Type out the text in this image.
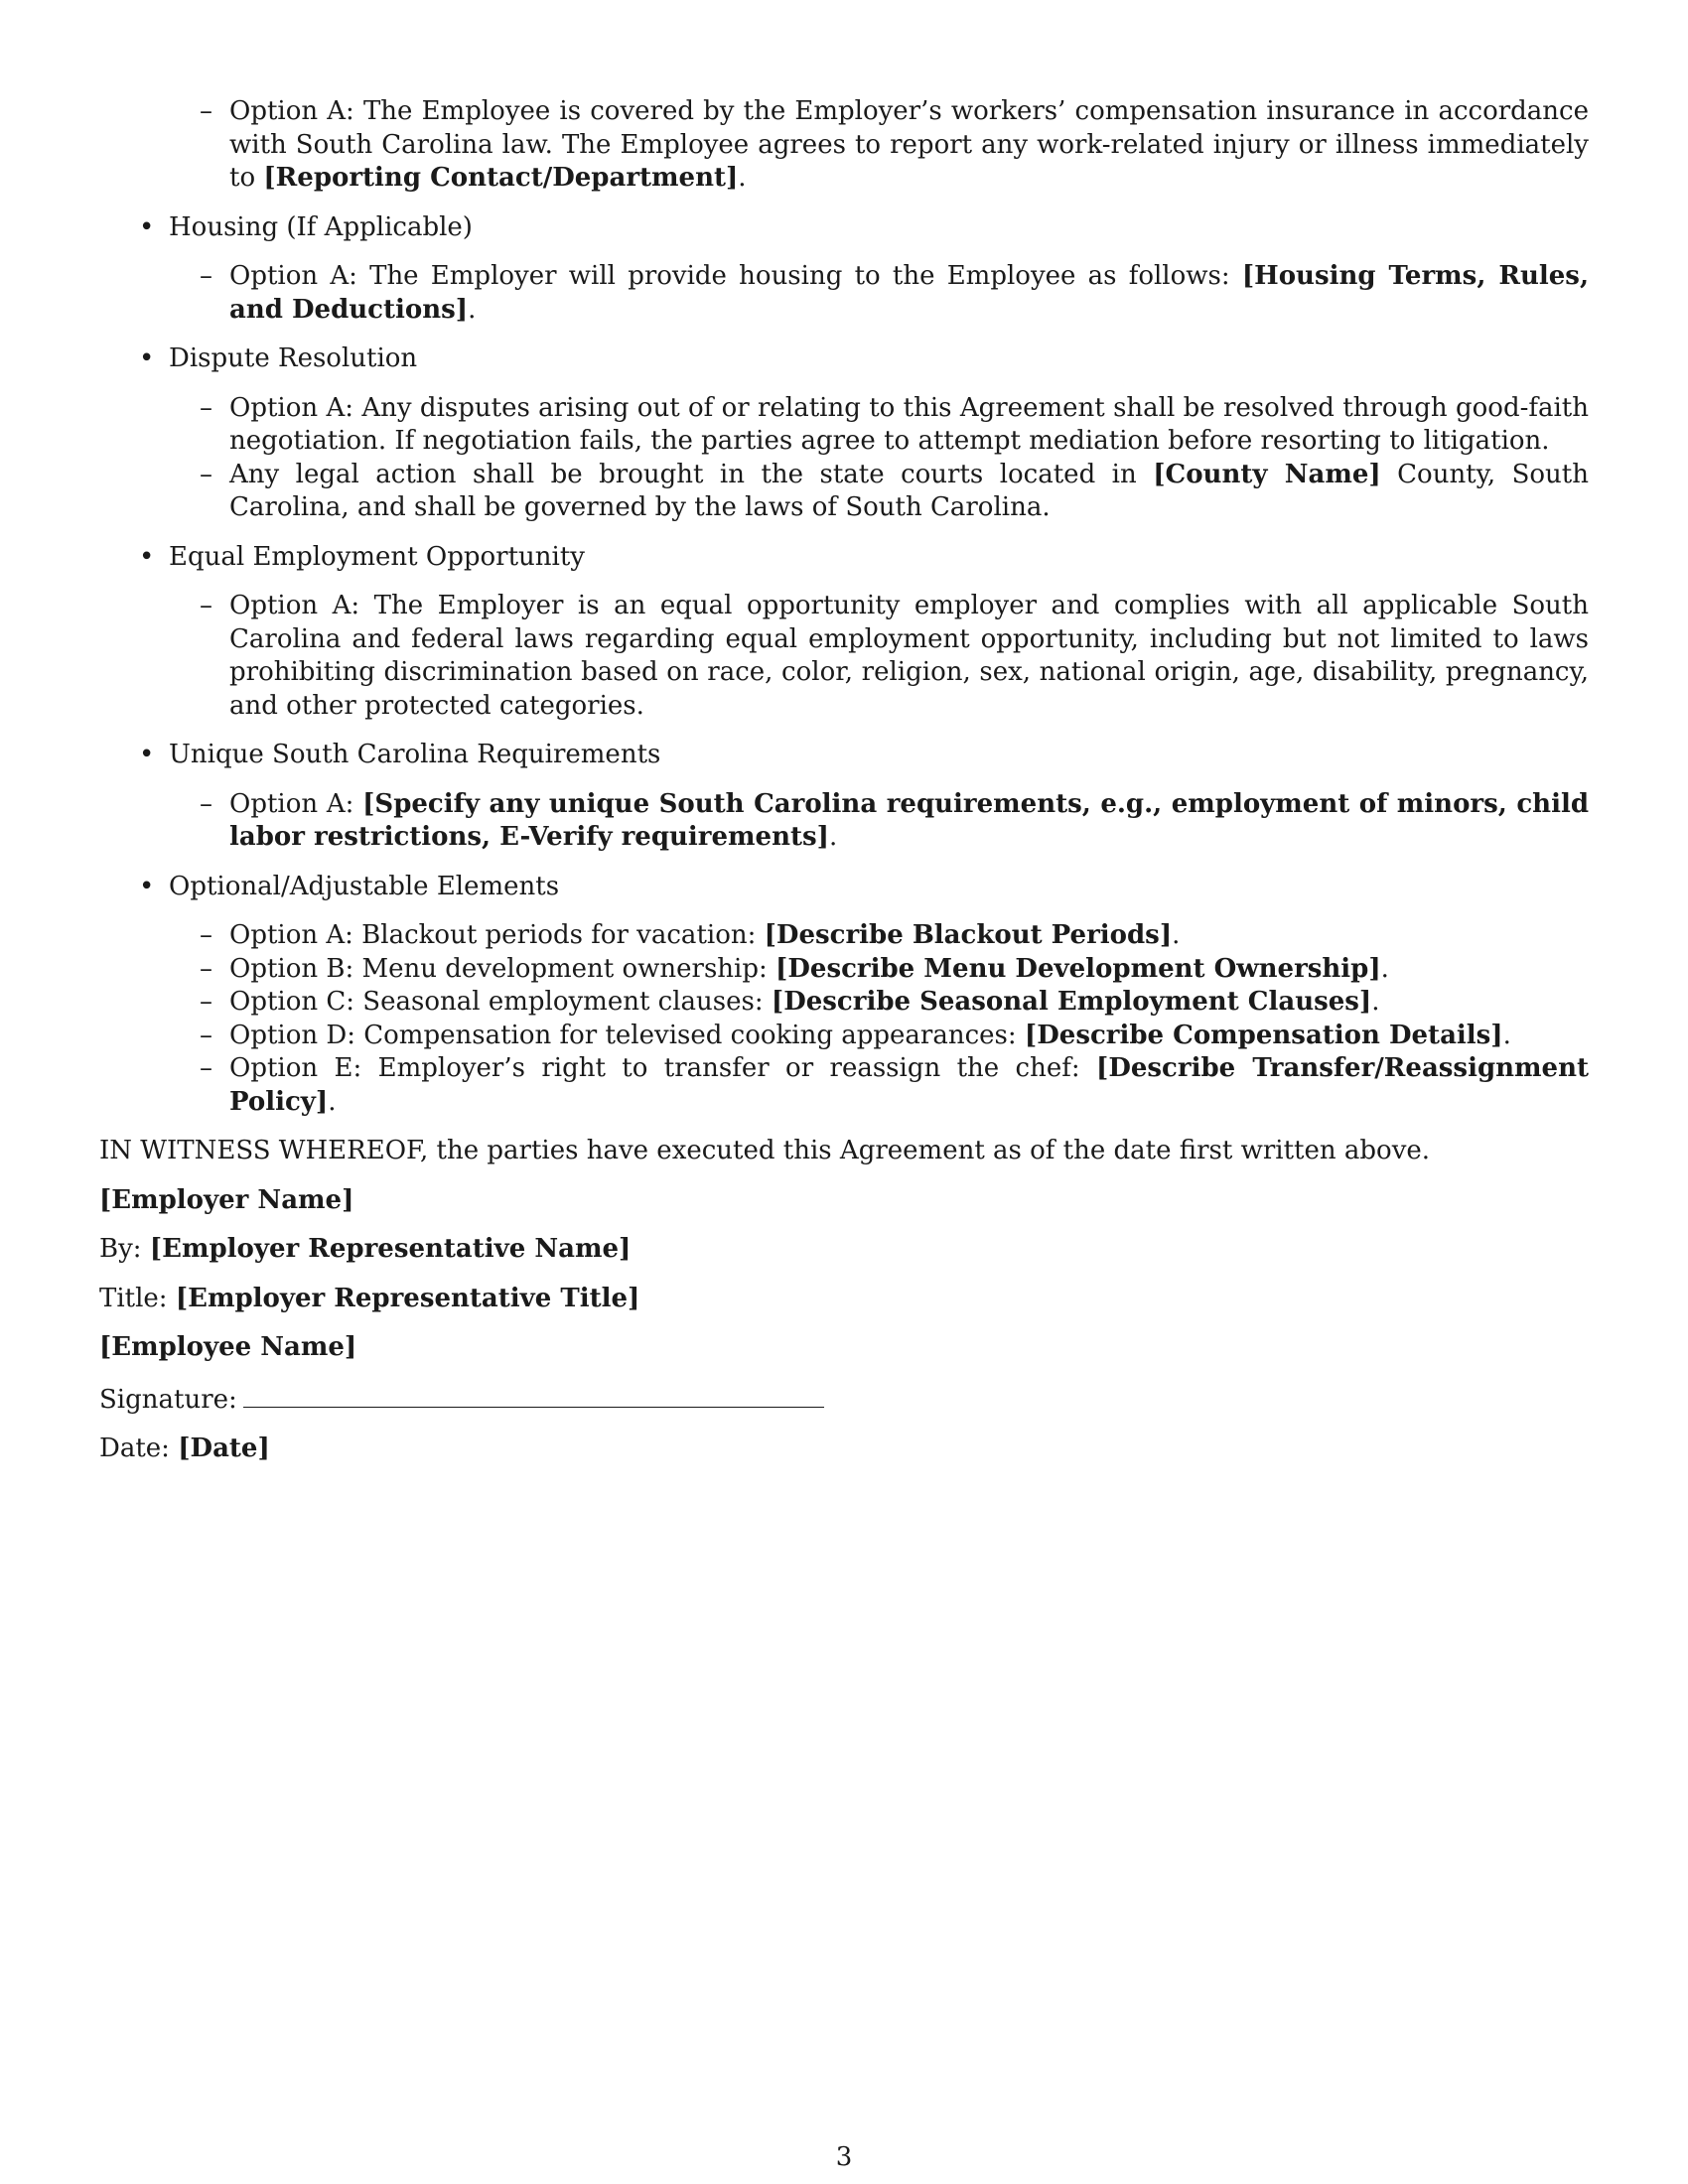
– Option A: The Employee is covered by the Employer’s workers’ compensation insurance in accordance with South Carolina law. The Employee agrees to report any work-related injury or illness immediately to [Reporting Contact/Department].
• Housing (If Applicable)
– Option A: The Employer will provide housing to the Employee as follows: [Housing Terms, Rules, and Deductions].
• Dispute Resolution
– Option A: Any disputes arising out of or relating to this Agreement shall be resolved through good-faith negotiation. If negotiation fails, the parties agree to attempt mediation before resorting to litigation.
– Any legal action shall be brought in the state courts located in [County Name] County, South Carolina, and shall be governed by the laws of South Carolina.
• Equal Employment Opportunity
– Option A: The Employer is an equal opportunity employer and complies with all applicable South Carolina and federal laws regarding equal employment opportunity, including but not limited to laws prohibiting discrimination based on race, color, religion, sex, national origin, age, disability, pregnancy, and other protected categories.
• Unique South Carolina Requirements
– Option A: [Specify any unique South Carolina requirements, e.g., employment of minors, child labor restrictions, E-Verify requirements].
• Optional/Adjustable Elements
– Option A: Blackout periods for vacation: [Describe Blackout Periods].
– Option B: Menu development ownership: [Describe Menu Development Ownership].
– Option C: Seasonal employment clauses: [Describe Seasonal Employment Clauses].
– Option D: Compensation for televised cooking appearances: [Describe Compensation Details].
– Option E: Employer’s right to transfer or reassign the chef: [Describe Transfer/Reassignment Policy].

IN WITNESS WHEREOF, the parties have executed this Agreement as of the date first written above.

[Employer Name]

By: [Employer Representative Name]

Title: [Employer Representative Title]

[Employee Name]

Signature:

Date: [Date]

3
